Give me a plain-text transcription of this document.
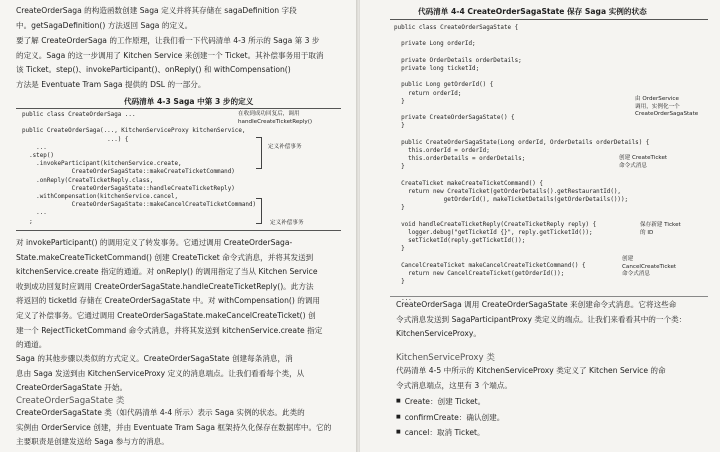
CreateOrderSaga 的构造函数创建 Saga 定义并将其存储在 sagaDefinition 字段
中。getSagaDefinition() 方法返回 Saga 的定义。

要了解 CreateOrderSaga 的工作原理，让我们看一下代码清单 4-3 所示的 Saga 第 3 步
的定义。Saga 的这一步调用了 Kitchen Service 来创建一个 Ticket。其补偿事务用于取消
该 Ticket。step()、invokeParticipant()、onReply() 和 withCompensation()
方法是 Eventuate Tram Saga 提供的 DSL 的一部分。

代码清单 4-3 Saga 中第 3 步的定义

public class CreateOrderSaga ...

public CreateOrderSaga(..., KitchenServiceProxy kitchenService,
...) {
...
.step()
.invokeParticipant(kitchenService.create,
CreateOrderSagaState::makeCreateTicketCommand)
.onReply(CreateTicketReply.class,
CreateOrderSagaState::handleCreateTicketReply)
.withCompensation(kitchenService.cancel,
CreateOrderSagaState::makeCancelCreateTicketCommand)
...
;

在收到成功回复后，调用
handleCreateTicketReply()

定义补偿事务

定义补偿事务

对 invokeParticipant() 的调用定义了转发事务。它通过调用 CreateOrderSaga-
State.makeCreateTicketCommand() 创建 CreateTicket 命令式消息，并将其发送到
kitchenService.create 指定的通道。对 onReply() 的调用指定了当从 Kitchen Service
收到成功回复时应调用 CreateOrderSagaState.handleCreateTicketReply()。此方法
将返回的 ticketId 存储在 CreateOrderSagaState 中。对 withCompensation() 的调用
定义了补偿事务。它通过调用 CreateOrderSagaState.makeCancelCreateTicket() 创
建一个 RejectTicketCommand 命令式消息，并将其发送到 kitchenService.create 指定
的通道。

Saga 的其他步骤以类似的方式定义。CreateOrderSagaState 创建每条消息，消
息由 Saga 发送到由 KitchenServiceProxy 定义的消息端点。让我们看看每个类，从
CreateOrderSagaState 开始。

CreateOrderSagaState 类

CreateOrderSagaState 类（如代码清单 4-4 所示）表示 Saga 实例的状态。此类的
实例由 OrderService 创建，并由 Eventuate Tram Saga 框架持久化保存在数据库中。它的
主要职责是创建发送给 Saga 参与方的消息。

代码清单 4-4 CreateOrderSagaState 保存 Saga 实例的状态

public class CreateOrderSagaState {

private Long orderId;

private OrderDetails orderDetails;
private long ticketId;

public Long getOrderId() {
return orderId;
}

private CreateOrderSagaState() {
}

public CreateOrderSagaState(Long orderId, OrderDetails orderDetails) {
this.orderId = orderId;
this.orderDetails = orderDetails;
}

CreateTicket makeCreateTicketCommand() {
return new CreateTicket(getOrderDetails().getRestaurantId(),
getOrderId(), makeTicketDetails(getOrderDetails()));
}

void handleCreateTicketReply(CreateTicketReply reply) {
logger.debug("getTicketId {}", reply.getTicketId());
setTicketId(reply.getTicketId());
}

CancelCreateTicket makeCancelCreateTicketCommand() {
return new CancelCreateTicket(getOrderId());
}

...

由 OrderService
调用，实例化一个
CreateOrderSagaState

创建 CreateTicket
命令式消息

保存新建 Ticket
的 ID

创建
CancelCreateTicket
命令式消息

CreateOrderSaga 调用 CreateOrderSagaState 来创建命令式消息。它将这些命
令式消息发送到 SagaParticipantProxy 类定义的端点。让我们来看看其中的一个类：
KitchenServiceProxy。

KitchenServiceProxy 类

代码清单 4-5 中所示的 KitchenServiceProxy 类定义了 Kitchen Service 的命
令式消息端点，这里有 3 个端点。

■ Create：创建 Ticket。
■ confirmCreate：确认创建。
■ cancel：取消 Ticket。
